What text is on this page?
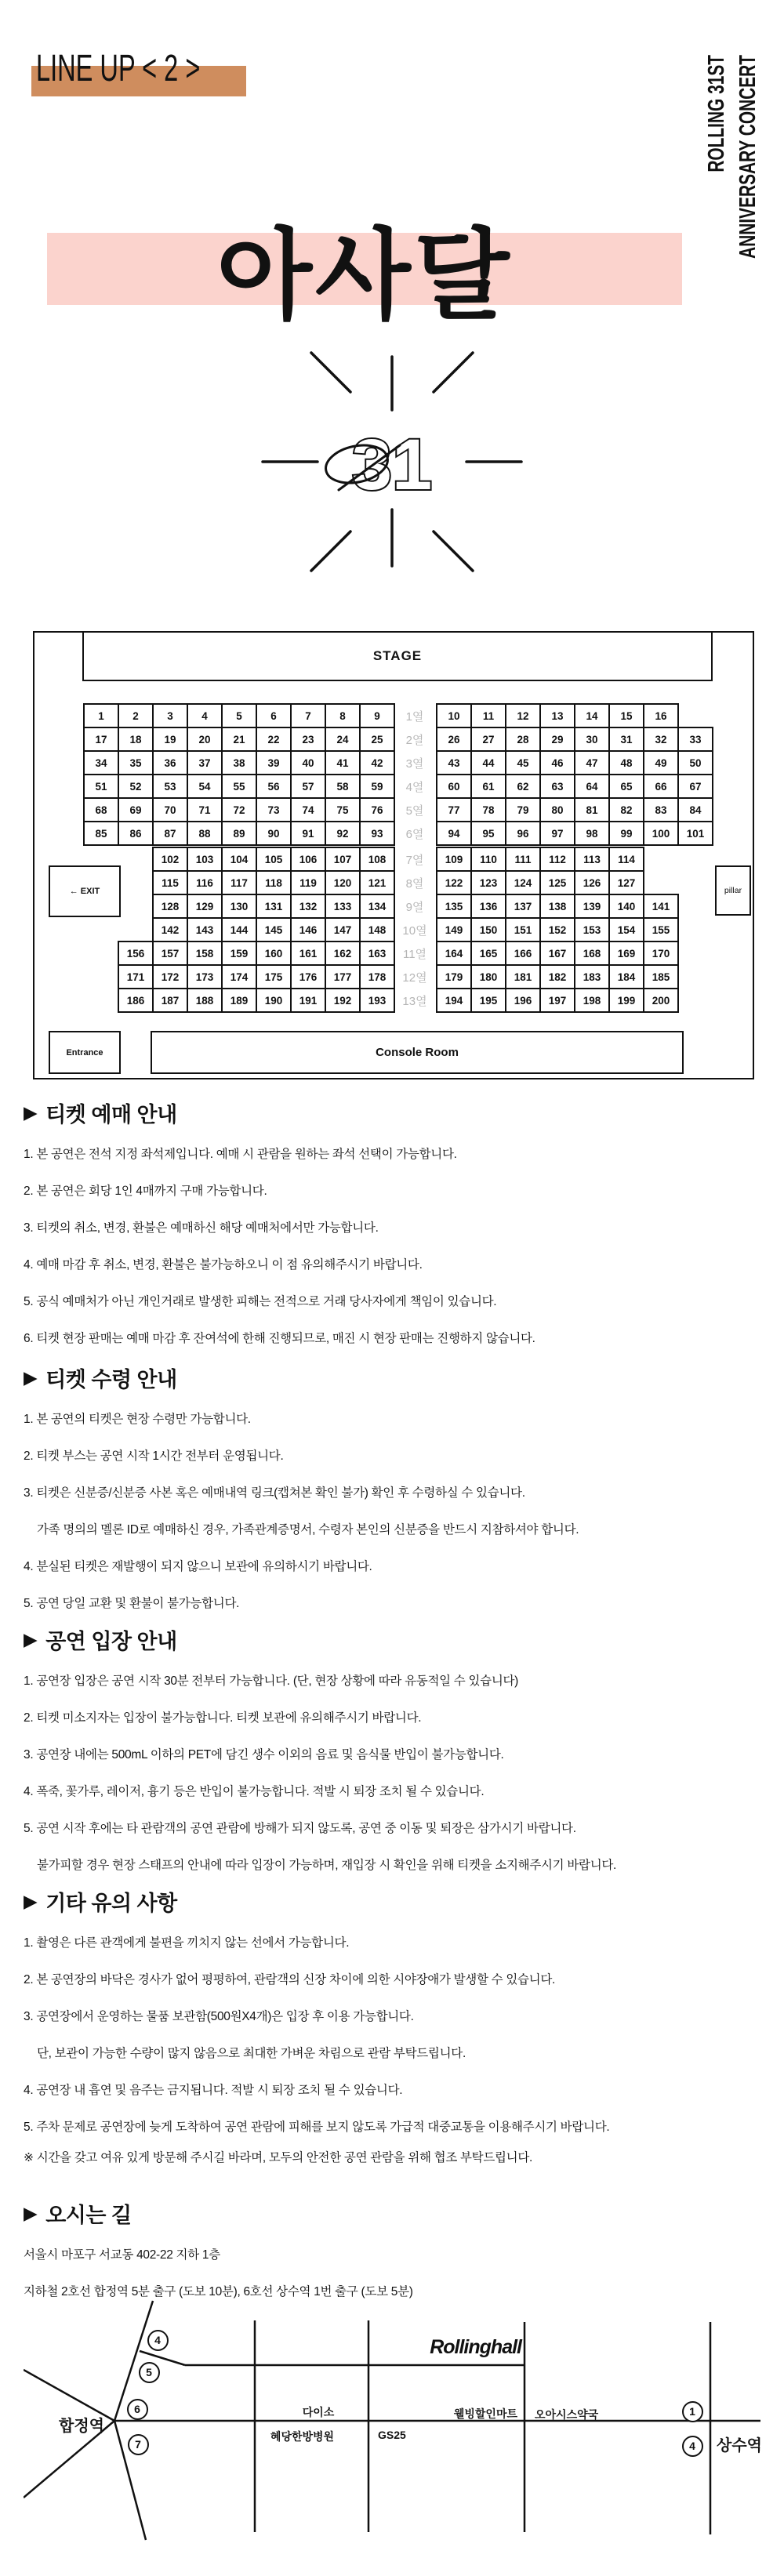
LINE UP < 2 >	ROLLING 31ST ANNIVERSARY CONCERT
아사달
31
STAGE
← EXIT	pillar
Entrance	Console Room
1	2	3	4	5	6	7	8	9	10	11	12	13	14	15	16
1열
17	18	19	20	21	22	23	24	25	26	27	28	29	30	31	32	33
2열
34	35	36	37	38	39	40	41	42	43	44	45	46	47	48	49	50
3열
51	52	53	54	55	56	57	58	59	60	61	62	63	64	65	66	67
4열
68	69	70	71	72	73	74	75	76	77	78	79	80	81	82	83	84
5열
85	86	87	88	89	90	91	92	93	94	95	96	97	98	99	100	101
6열
102	103	104	105	106	107	108	109	110	111	112	113	114
7열
115	116	117	118	119	120	121	122	123	124	125	126	127
8열
128	129	130	131	132	133	134	135	136	137	138	139	140	141
9열
142	143	144	145	146	147	148	149	150	151	152	153	154	155
10열
156	157	158	159	160	161	162	163	164	165	166	167	168	169	170
11열
171	172	173	174	175	176	177	178	179	180	181	182	183	184	185
12열
186	187	188	189	190	191	192	193	194	195	196	197	198	199	200
13열
▶ 티켓 예매 안내

1. 본 공연은 전석 지정 좌석제입니다. 예매 시 관람을 원하는 좌석 선택이 가능합니다.

2. 본 공연은 회당 1인 4매까지 구매 가능합니다.

3. 티켓의 취소, 변경, 환불은 예매하신 해당 예매처에서만 가능합니다.

4. 예매 마감 후 취소, 변경, 환불은 불가능하오니 이 점 유의해주시기 바랍니다.

5. 공식 예매처가 아닌 개인거래로 발생한 피해는 전적으로 거래 당사자에게 책임이 있습니다.

6. 티켓 현장 판매는 예매 마감 후 잔여석에 한해 진행되므로, 매진 시 현장 판매는 진행하지 않습니다.

▶ 티켓 수령 안내

1. 본 공연의 티켓은 현장 수령만 가능합니다.

2. 티켓 부스는 공연 시작 1시간 전부터 운영됩니다.

3. 티켓은 신분증/신분증 사본 혹은 예매내역 링크(캡쳐본 확인 불가) 확인 후 수령하실 수 있습니다.

가족 명의의 멜론 ID로 예매하신 경우, 가족관계증명서, 수령자 본인의 신분증을 반드시 지참하셔야 합니다.

4. 분실된 티켓은 재발행이 되지 않으니 보관에 유의하시기 바랍니다.

5. 공연 당일 교환 및 환불이 불가능합니다.

▶ 공연 입장 안내

1. 공연장 입장은 공연 시작 30분 전부터 가능합니다. (단, 현장 상황에 따라 유동적일 수 있습니다)

2. 티켓 미소지자는 입장이 불가능합니다. 티켓 보관에 유의해주시기 바랍니다.

3. 공연장 내에는 500mL 이하의 PET에 담긴 생수 이외의 음료 및 음식물 반입이 불가능합니다.

4. 폭죽, 꽃가루, 레이저, 흉기 등은 반입이 불가능합니다. 적발 시 퇴장 조치 될 수 있습니다.

5. 공연 시작 후에는 타 관람객의 공연 관람에 방해가 되지 않도록, 공연 중 이동 및 퇴장은 삼가시기 바랍니다.

불가피할 경우 현장 스태프의 안내에 따라 입장이 가능하며, 재입장 시 확인을 위해 티켓을 소지해주시기 바랍니다.

▶ 기타 유의 사항

1. 촬영은 다른 관객에게 불편을 끼치지 않는 선에서 가능합니다.

2. 본 공연장의 바닥은 경사가 없어 평평하여, 관람객의 신장 차이에 의한 시야장애가 발생할 수 있습니다.

3. 공연장에서 운영하는 물품 보관함(500원X4개)은 입장 후 이용 가능합니다.

단, 보관이 가능한 수량이 많지 않음으로 최대한 가벼운 차림으로 관람 부탁드립니다.

4. 공연장 내 흡연 및 음주는 금지됩니다. 적발 시 퇴장 조치 될 수 있습니다.

5. 주차 문제로 공연장에 늦게 도착하여 공연 관람에 피해를 보지 않도록 가급적 대중교통을 이용해주시기 바랍니다.

▶ 오시는 길

서울시 마포구 서교동 402-22 지하 1층

지하철 2호선 합정역 5분 출구 (도보 10분), 6호선 상수역 1번 출구 (도보 5분)

※ 시간을 갖고 여유 있게 방문해 주시길 바라며, 모두의 안전한 공연 관람을 위해 협조 부탁드립니다.
Rollinghall
합정역
상수역
다이소
혜당한방병원	GS25
웰빙할인마트 오아시스약국
4
5
6
7
1
4
